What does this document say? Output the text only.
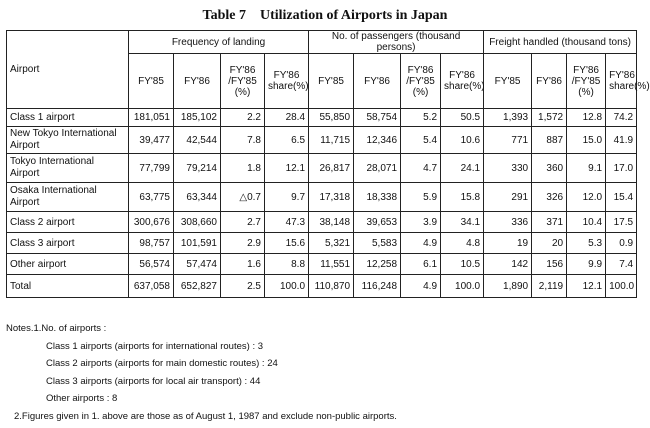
Table 7 Utilization of Airports in Japan
Airport	Frequency of landing				No. of passengers (thousand persons)				Freight handled (thousand tons)			
	FY'85	FY'86	FY'86 /FY'85 (%)	FY'86 share(%)	FY'85	FY'86	FY'86 /FY'85 (%)	FY'86 share(%)	FY'85	FY'86	FY'86 /FY'85 (%)	FY'86 share(%)
Class 1 airport	181,051	185,102	2.2	28.4	55,850	58,754	5.2	50.5	1,393	1,572	12.8	74.2
New Tokyo International Airport	39,477	42,544	7.8	6.5	11,715	12,346	5.4	10.6	771	887	15.0	41.9
Tokyo International Airport	77,799	79,214	1.8	12.1	26,817	28,071	4.7	24.1	330	360	9.1	17.0
Osaka International Airport	63,775	63,344	△0.7	9.7	17,318	18,338	5.9	15.8	291	326	12.0	15.4
Class 2 airport	300,676	308,660	2.7	47.3	38,148	39,653	3.9	34.1	336	371	10.4	17.5
Class 3 airport	98,757	101,591	2.9	15.6	5,321	5,583	4.9	4.8	19	20	5.3	0.9
Other airport	56,574	57,474	1.6	8.8	11,551	12,258	6.1	10.5	142	156	9.9	7.4
Total	637,058	652,827	2.5	100.0	110,870	116,248	4.9	100.0	1,890	2,119	12.1	100.0
Notes.1.No. of airports :
Class 1 airports (airports for international routes) : 3
Class 2 airports (airports for main domestic routes) : 24
Class 3 airports (airports for local air transport) : 44
Other airports : 8
2.Figures given in 1. above are those as of August 1, 1987 and exclude non-public airports.
